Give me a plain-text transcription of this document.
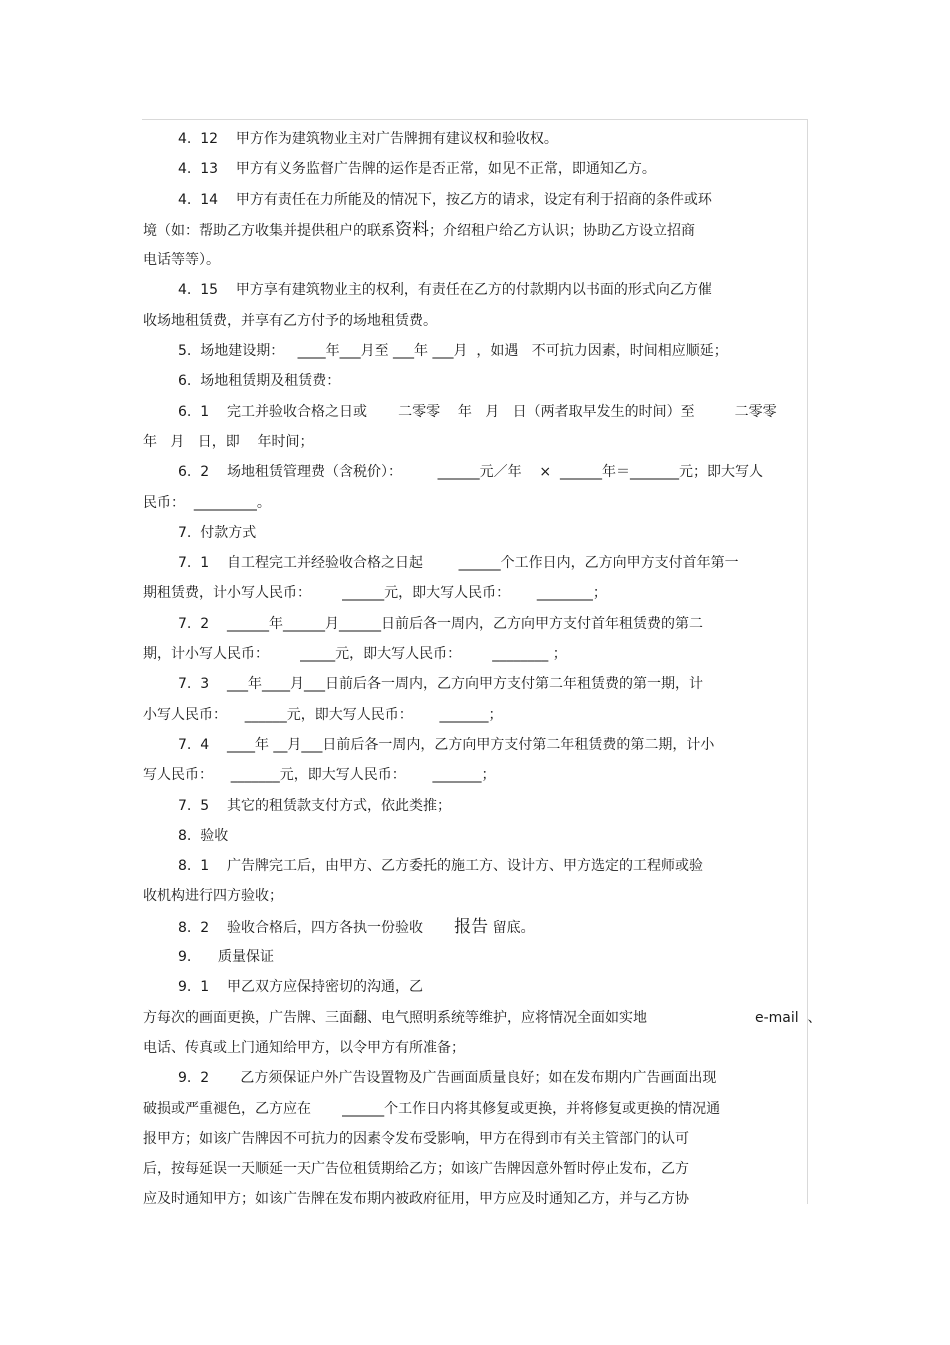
4.  12    甲方作为建筑物业主对广告牌拥有建议权和验收权。
4.  13    甲方有义务监督广告牌的运作是否正常，如见不正常，即通知乙方。
4.  14    甲方有责任在力所能及的情况下，按乙方的请求，设定有利于招商的条件或环
境（如：帮助乙方收集并提供租户的联系资料；介绍租户给乙方认识；协助乙方设立招商
电话等等）。
4.  15    甲方享有建筑物业主的权利，有责任在乙方的付款期内以书面的形式向乙方催
收场地租赁费，并享有乙方付予的场地租赁费。
5.  场地建设期：   ____年___月至 ___年 ___月  ，如遇   不可抗力因素，时间相应顺延；
6.  场地租赁期及租赁费：
6.  1    完工并验收合格之日或       二零零    年   月   日（两者取早发生的时间）至         二零零
年   月   日，即    年时间；
6.  2    场地租赁管理费（含税价）：        ______元／年    ×  ______年＝_______元；即大写人
民币：  _________。
7.  付款方式
7.  1    自工程完工并经验收合格之日起        ______个工作日内，乙方向甲方支付首年第一
期租赁费，计小写人民币：       ______元，即大写人民币：      ________；
7.  2    ______年______月______日前后各一周内，乙方向甲方支付首年租赁费的第二
期，计小写人民币：       _____元，即大写人民币：       ________ ；
7.  3    ___年____月___日前后各一周内，乙方向甲方支付第二年租赁费的第一期，计
小写人民币：    ______元，即大写人民币：      _______；
7.  4    ____年 __月___日前后各一周内，乙方向甲方支付第二年租赁费的第二期，计小
写人民币：    _______元，即大写人民币：      _______；
7.  5    其它的租赁款支付方式，依此类推；
8.  验收
8.  1    广告牌完工后，由甲方、乙方委托的施工方、设计方、甲方选定的工程师或验
收机构进行四方验收；
8.  2    验收合格后，四方各执一份验收       报告 留底。
9.      质量保证
9.  1    甲乙双方应保持密切的沟通，乙
方每次的画面更换，广告牌、三面翻、电气照明系统等维护，应将情况全面如实地	e-mail  、
电话、传真或上门通知给甲方，以令甲方有所准备；
9.  2       乙方须保证户外广告设置物及广告画面质量良好；如在发布期内广告画面出现
破损或严重褪色，乙方应在       ______个工作日内将其修复或更换，并将修复或更换的情况通
报甲方；如该广告牌因不可抗力的因素令发布受影响，甲方在得到市有关主管部门的认可
后，按每延误一天顺延一天广告位租赁期给乙方；如该广告牌因意外暂时停止发布，乙方
应及时通知甲方；如该广告牌在发布期内被政府征用，甲方应及时通知乙方，并与乙方协
